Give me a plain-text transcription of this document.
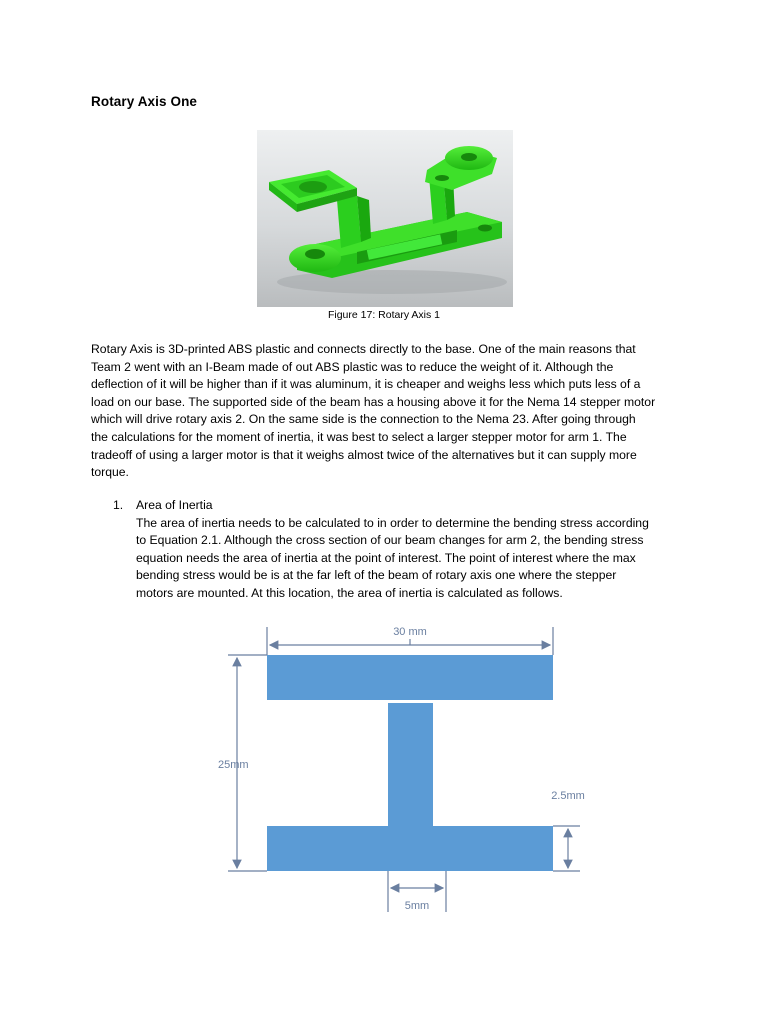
Rotary Axis One
Figure 17: Rotary Axis 1

Rotary Axis is 3D-printed ABS plastic and connects directly to the base. One of the main reasons that

Team 2 went with an I-Beam made of out ABS plastic was to reduce the weight of it. Although the

deflection of it will be higher than if it was aluminum, it is cheaper and weighs less which puts less of a

load on our base. The supported side of the beam has a housing above it for the Nema 14 stepper motor

which will drive rotary axis 2. On the same side is the connection to the Nema 23. After going through

the calculations for the moment of inertia, it was best to select a larger stepper motor for arm 1. The

tradeoff of using a larger motor is that it weighs almost twice of the alternatives but it can supply more

torque.

1. Area of Inertia

The area of inertia needs to be calculated to in order to determine the bending stress according

to Equation 2.1. Although the cross section of our beam changes for arm 2, the bending stress

equation needs the area of inertia at the point of interest. The point of interest where the max

bending stress would be is at the far left of the beam of rotary axis one where the stepper

motors are mounted. At this location, the area of inertia is calculated as follows.

30 mm
25mm
2.5mm
5mm
